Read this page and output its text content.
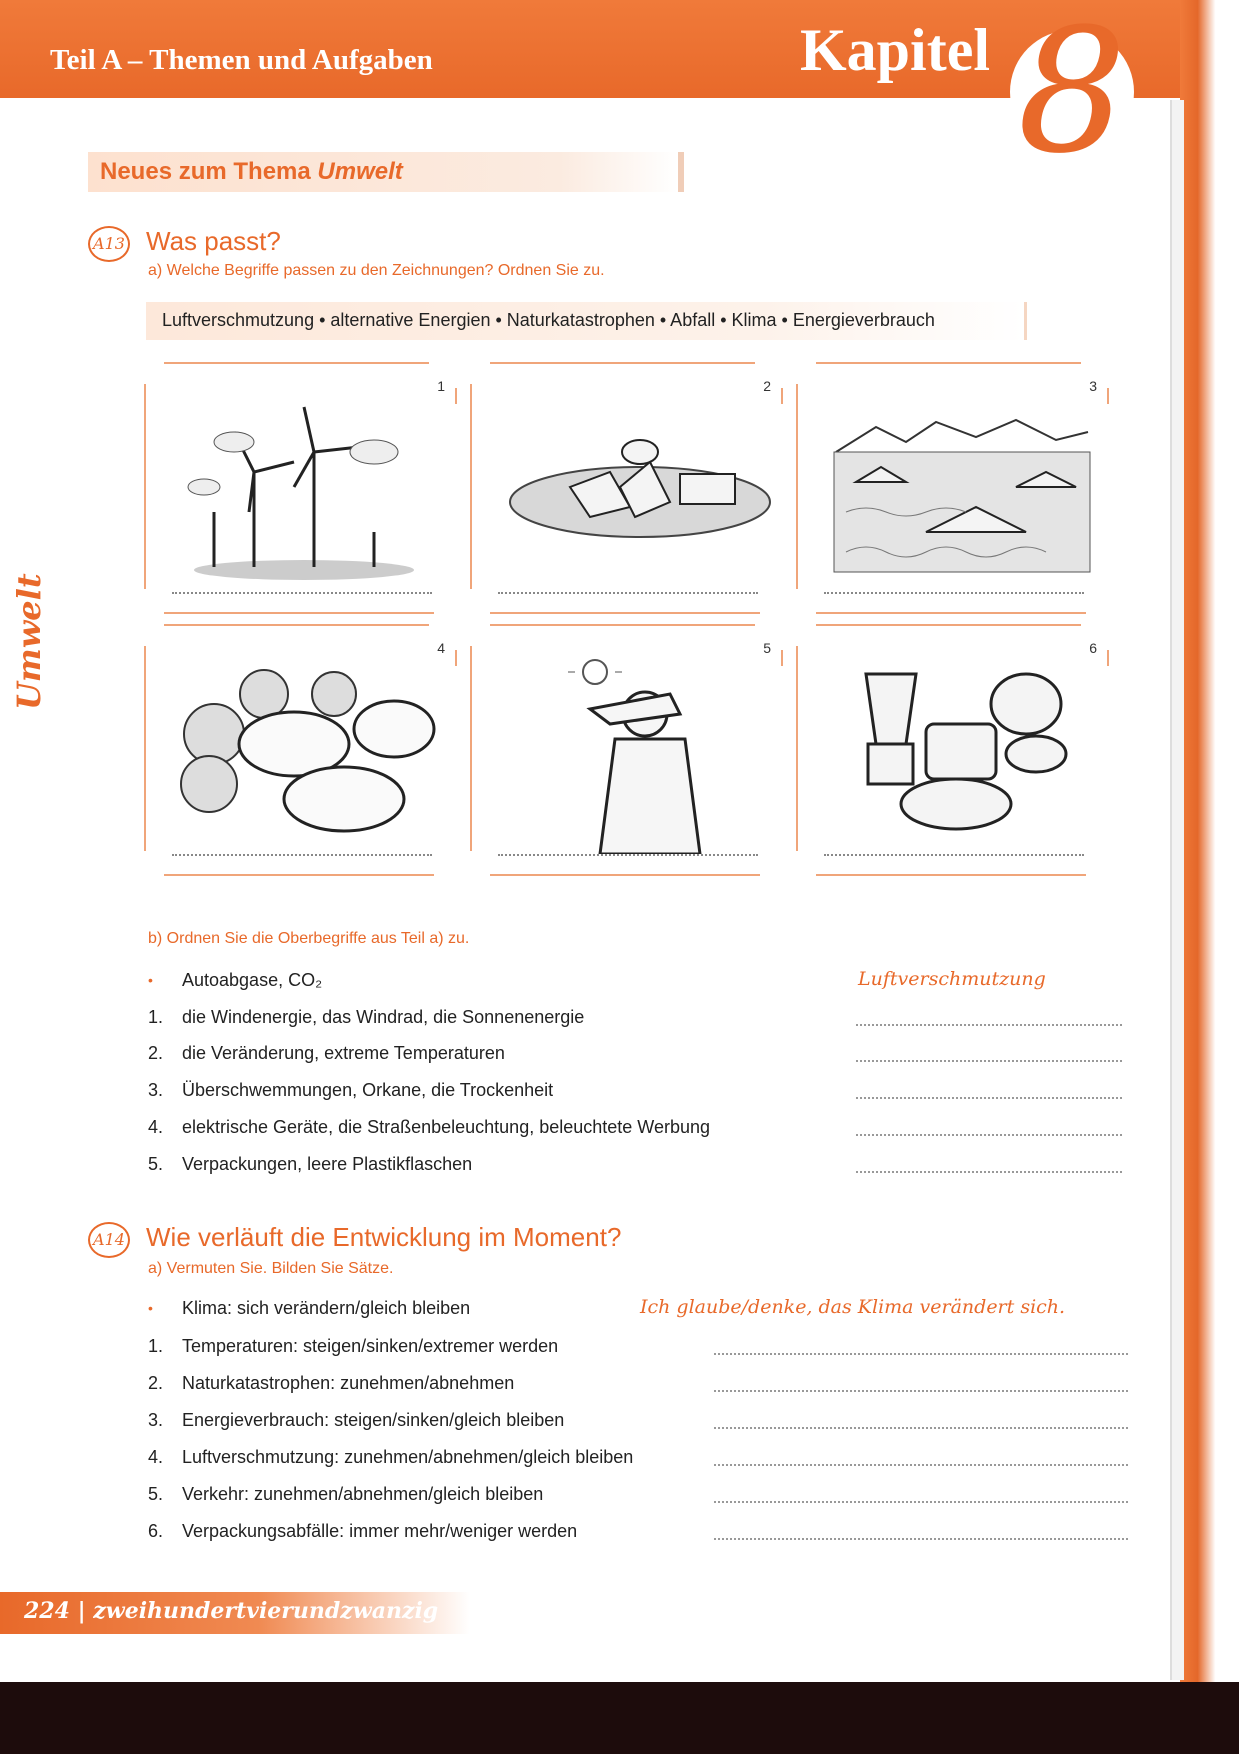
Teil A – Themen und Aufgaben	Kapitel 8
Umwelt
Neues zum Thema Umwelt
A13 Was passt?
a) Welche Begriffe passen zu den Zeichnungen? Ordnen Sie zu.
Luftverschmutzung • alternative Energien • Naturkatastrophen • Abfall • Klima • Energieverbrauch
1	2	3
4	5	6
b) Ordnen Sie die Oberbegriffe aus Teil a) zu.
•	Autoabgase, CO₂	Luftverschmutzung
1.	die Windenergie, das Windrad, die Sonnenenergie
2.	die Veränderung, extreme Temperaturen
3.	Überschwemmungen, Orkane, die Trockenheit
4.	elektrische Geräte, die Straßenbeleuchtung, beleuchtete Werbung
5.	Verpackungen, leere Plastikflaschen
A14 Wie verläuft die Entwicklung im Moment?
a) Vermuten Sie. Bilden Sie Sätze.
•	Klima: sich verändern/gleich bleiben	Ich glaube/denke, das Klima verändert sich.
1.	Temperaturen: steigen/sinken/extremer werden
2.	Naturkatastrophen: zunehmen/abnehmen
3.	Energieverbrauch: steigen/sinken/gleich bleiben
4.	Luftverschmutzung: zunehmen/abnehmen/gleich bleiben
5.	Verkehr: zunehmen/abnehmen/gleich bleiben
6.	Verpackungsabfälle: immer mehr/weniger werden
224 | zweihundertvierundzwanzig
